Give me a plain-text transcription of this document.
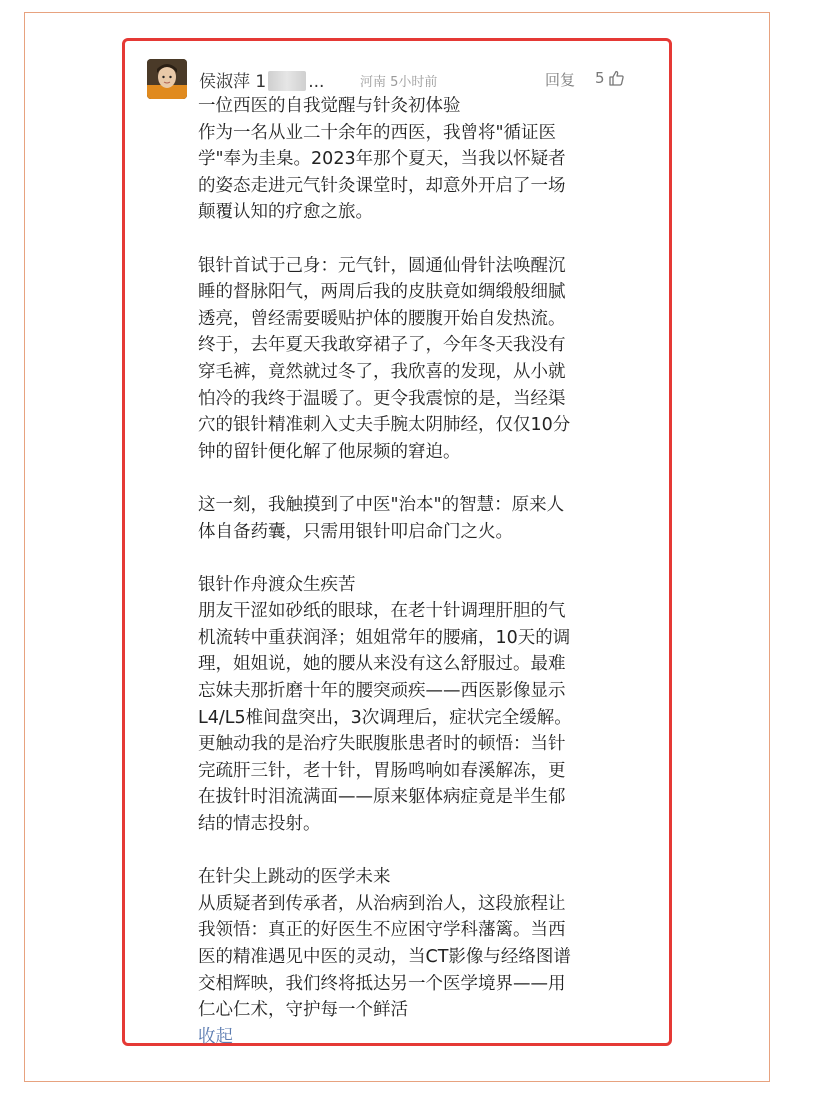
侯淑萍 1 ...	河南 5小时前	回复 5
一位西医的自我觉醒与针灸初体验
作为一名从业二十余年的西医，我曾将"循证医
学"奉为圭臬。2023年那个夏天，当我以怀疑者
的姿态走进元气针灸课堂时，却意外开启了一场
颠覆认知的疗愈之旅。
银针首试于己身：元气针，圆通仙骨针法唤醒沉
睡的督脉阳气，两周后我的皮肤竟如绸缎般细腻
透亮，曾经需要暖贴护体的腰腹开始自发热流。
终于，去年夏天我敢穿裙子了，今年冬天我没有
穿毛裤，竟然就过冬了，我欣喜的发现，从小就
怕冷的我终于温暖了。更令我震惊的是，当经渠
穴的银针精准刺入丈夫手腕太阴肺经，仅仅10分
钟的留针便化解了他尿频的窘迫。
这一刻，我触摸到了中医"治本"的智慧：原来人
体自备药囊，只需用银针叩启命门之火。
银针作舟渡众生疾苦
朋友干涩如砂纸的眼球，在老十针调理肝胆的气
机流转中重获润泽；姐姐常年的腰痛，10天的调
理，姐姐说，她的腰从来没有这么舒服过。最难
忘妹夫那折磨十年的腰突顽疾——西医影像显示
L4/L5椎间盘突出，3次调理后，症状完全缓解。
更触动我的是治疗失眠腹胀患者时的顿悟：当针
完疏肝三针，老十针，胃肠鸣响如春溪解冻，更
在拔针时泪流满面——原来躯体病症竟是半生郁
结的情志投射。
在针尖上跳动的医学未来
从质疑者到传承者，从治病到治人，这段旅程让
我领悟：真正的好医生不应困守学科藩篱。当西
医的精准遇见中医的灵动，当CT影像与经络图谱
交相辉映，我们终将抵达另一个医学境界——用
仁心仁术，守护每一个鲜活
收起
